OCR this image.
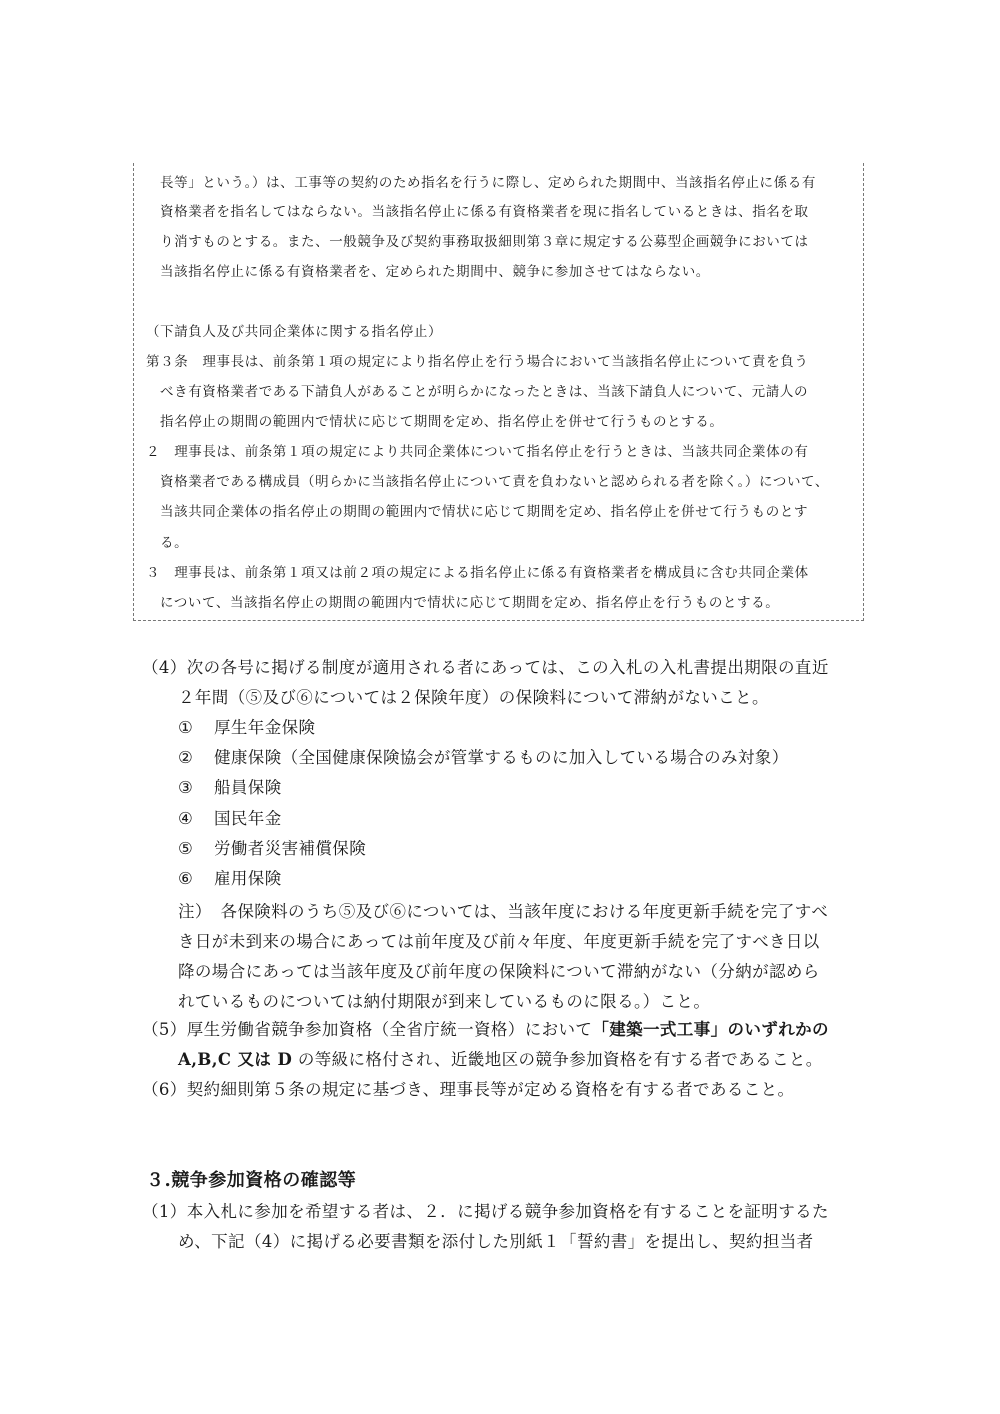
長等」という。）は、工事等の契約のため指名を行うに際し、定められた期間中、当該指名停止に係る有
資格業者を指名してはならない。当該指名停止に係る有資格業者を現に指名しているときは、指名を取
り消すものとする。また、一般競争及び契約事務取扱細則第３章に規定する公募型企画競争においては
当該指名停止に係る有資格業者を、定められた期間中、競争に参加させてはならない。
（下請負人及び共同企業体に関する指名停止）
第３条　理事長は、前条第１項の規定により指名停止を行う場合において当該指名停止について責を負う
べき有資格業者である下請負人があることが明らかになったときは、当該下請負人について、元請人の
指名停止の期間の範囲内で情状に応じて期間を定め、指名停止を併せて行うものとする。
２　理事長は、前条第１項の規定により共同企業体について指名停止を行うときは、当該共同企業体の有
資格業者である構成員（明らかに当該指名停止について責を負わないと認められる者を除く。）について、
当該共同企業体の指名停止の期間の範囲内で情状に応じて期間を定め、指名停止を併せて行うものとす
る。
３　理事長は、前条第１項又は前２項の規定による指名停止に係る有資格業者を構成員に含む共同企業体
について、当該指名停止の期間の範囲内で情状に応じて期間を定め、指名停止を行うものとする。
（4）次の各号に掲げる制度が適用される者にあっては、この入札の入札書提出期限の直近
２年間（⑤及び⑥については２保険年度）の保険料について滞納がないこと。
① 厚生年金保険
② 健康保険（全国健康保険協会が管掌するものに加入している場合のみ対象）
③ 船員保険
④ 国民年金
⑤ 労働者災害補償保険
⑥ 雇用保険
注）　各保険料のうち⑤及び⑥については、当該年度における年度更新手続を完了すべ
き日が未到来の場合にあっては前年度及び前々年度、年度更新手続を完了すべき日以
降の場合にあっては当該年度及び前年度の保険料について滞納がない（分納が認めら
れているものについては納付期限が到来しているものに限る。）こと。
（5）厚生労働省競争参加資格（全省庁統一資格）において「建築一式工事」のいずれかの
A,B,C 又は D の等級に格付され、近畿地区の競争参加資格を有する者であること。
（6）契約細則第５条の規定に基づき、理事長等が定める資格を有する者であること。
３.競争参加資格の確認等
（1）本入札に参加を希望する者は、２．に掲げる競争参加資格を有することを証明するた
め、下記（4）に掲げる必要書類を添付した別紙１「誓約書」を提出し、契約担当者
